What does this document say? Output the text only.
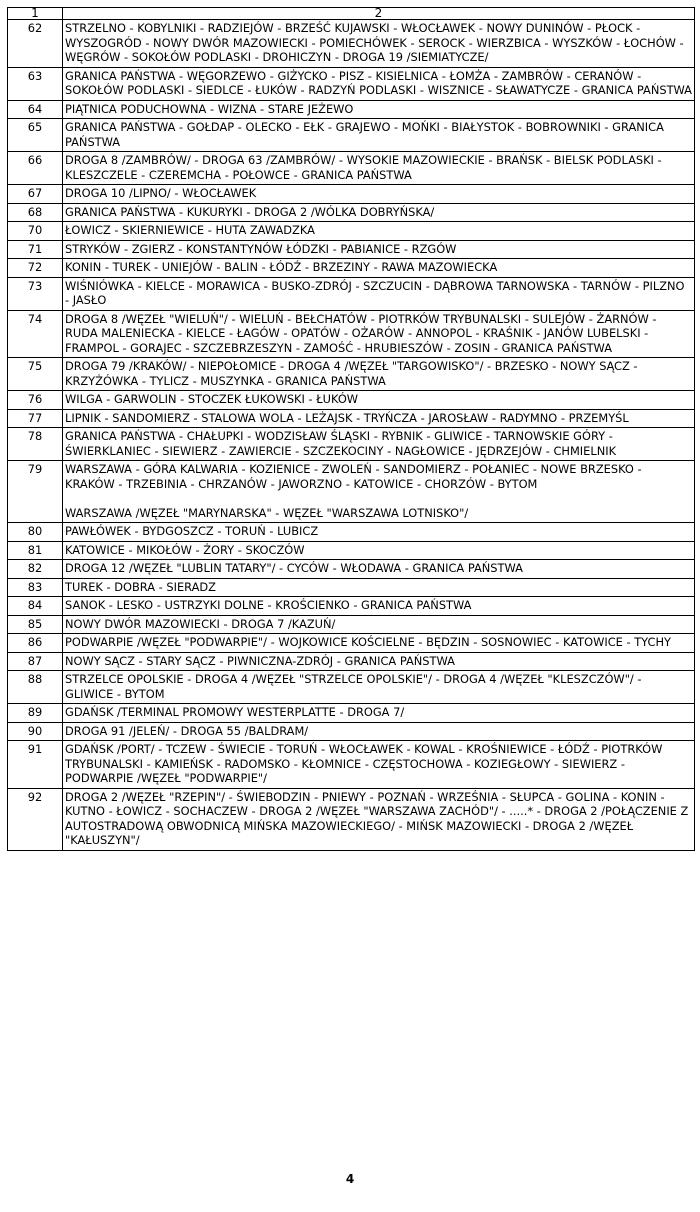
1	2
62	STRZELNO - KOBYLNIKI - RADZIEJÓW - BRZEŚĆ KUJAWSKI - WŁOCŁAWEK - NOWY DUNINÓW - PŁOCK - WYSZOGRÓD - NOWY DWÓR MAZOWIECKI - POMIECHÓWEK - SEROCK - WIERZBICA - WYSZKÓW - ŁOCHÓW - WĘGRÓW - SOKOŁÓW PODLASKI - DROHICZYN - DROGA 19 /SIEMIATYCZE/
63	GRANICA PAŃSTWA - WĘGORZEWO - GIŻYCKO - PISZ - KISIELNICA - ŁOMŻA - ZAMBRÓW - CERANÓW - SOKOŁÓW PODLASKI - SIEDLCE - ŁUKÓW - RADZYŃ PODLASKI - WISZNICE - SŁAWATYCZE - GRANICA PAŃSTWA
64	PIĄTNICA PODUCHOWNA - WIZNA - STARE JEŻEWO
65	GRANICA PAŃSTWA - GOŁDAP - OLECKO - EŁK - GRAJEWO - MOŃKI - BIAŁYSTOK - BOBROWNIKI - GRANICA PAŃSTWA
66	DROGA 8 /ZAMBRÓW/ - DROGA 63 /ZAMBRÓW/ - WYSOKIE MAZOWIECKIE - BRAŃSK - BIELSK PODLASKI - KLESZCZELE - CZEREMCHA - POŁOWCE - GRANICA PAŃSTWA
67	DROGA 10 /LIPNO/ - WŁOCŁAWEK
68	GRANICA PAŃSTWA - KUKURYKI - DROGA 2 /WÓLKA DOBRYŃSKA/
70	ŁOWICZ - SKIERNIEWICE - HUTA ZAWADZKA
71	STRYKÓW - ZGIERZ - KONSTANTYNÓW ŁÓDZKI - PABIANICE - RZGÓW
72	KONIN - TUREK - UNIEJÓW - BALIN - ŁÓDŹ - BRZEZINY - RAWA MAZOWIECKA
73	WIŚNIÓWKA - KIELCE - MORAWICA - BUSKO-ZDRÓJ - SZCZUCIN - DĄBROWA TARNOWSKA - TARNÓW - PILZNO - JASŁO
74	DROGA 8 /WĘZEŁ "WIELUŃ"/ - WIELUŃ - BEŁCHATÓW - PIOTRKÓW TRYBUNALSKI - SULEJÓW - ŻARNÓW - RUDA MALENIECKA - KIELCE - ŁAGÓW - OPATÓW - OŻARÓW - ANNOPOL - KRAŚNIK - JANÓW LUBELSKI - FRAMPOL - GORAJEC - SZCZEBRZESZYN - ZAMOŚĆ - HRUBIESZÓW - ZOSIN - GRANICA PAŃSTWA
75	DROGA 79 /KRAKÓW/ - NIEPOŁOMICE - DROGA 4 /WĘZEŁ "TARGOWISKO"/ - BRZESKO - NOWY SĄCZ - KRZYŻÓWKA - TYLICZ - MUSZYNKA - GRANICA PAŃSTWA
76	WILGA - GARWOLIN - STOCZEK ŁUKOWSKI - ŁUKÓW
77	LIPNIK - SANDOMIERZ - STALOWA WOLA - LEŻAJSK - TRYŃCZA - JAROSŁAW - RADYMNO - PRZEMYŚL
78	GRANICA PAŃSTWA - CHAŁUPKI - WODZISŁAW ŚLĄSKI - RYBNIK - GLIWICE - TARNOWSKIE GÓRY - ŚWIERKLANIEC - SIEWIERZ - ZAWIERCIE - SZCZEKOCINY - NAGŁOWICE - JĘDRZEJÓW - CHMIELNIK
79	WARSZAWA - GÓRA KALWARIA - KOZIENICE - ZWOLEŃ - SANDOMIERZ - POŁANIEC - NOWE BRZESKO - KRAKÓW - TRZEBINIA - CHRZANÓW - JAWORZNO - KATOWICE - CHORZÓW - BYTOM

WARSZAWA /WĘZEŁ "MARYNARSKA" - WĘZEŁ "WARSZAWA LOTNISKO"/
80	PAWŁÓWEK - BYDGOSZCZ - TORUŃ - LUBICZ
81	KATOWICE - MIKOŁÓW - ŻORY - SKOCZÓW
82	DROGA 12 /WĘZEŁ "LUBLIN TATARY"/ - CYCÓW - WŁODAWA - GRANICA PAŃSTWA
83	TUREK - DOBRA - SIERADZ
84	SANOK - LESKO - USTRZYKI DOLNE - KROŚCIENKO - GRANICA PAŃSTWA
85	NOWY DWÓR MAZOWIECKI - DROGA 7 /KAZUŃ/
86	PODWARPIE /WĘZEŁ "PODWARPIE"/ - WOJKOWICE KOŚCIELNE - BĘDZIN - SOSNOWIEC - KATOWICE - TYCHY
87	NOWY SĄCZ - STARY SĄCZ - PIWNICZNA-ZDRÓJ - GRANICA PAŃSTWA
88	STRZELCE OPOLSKIE - DROGA 4 /WĘZEŁ "STRZELCE OPOLSKIE"/ - DROGA 4 /WĘZEŁ "KLESZCZÓW"/ - GLIWICE - BYTOM
89	GDAŃSK /TERMINAL PROMOWY WESTERPLATTE - DROGA 7/
90	DROGA 91 /JELEŃ/ - DROGA 55 /BALDRAM/
91	GDAŃSK /PORT/ - TCZEW - ŚWIECIE - TORUŃ - WŁOCŁAWEK - KOWAL - KROŚNIEWICE - ŁÓDŹ - PIOTRKÓW TRYBUNALSKI - KAMIEŃSK - RADOMSKO - KŁOMNICE - CZĘSTOCHOWA - KOZIEGŁOWY - SIEWIERZ - PODWARPIE /WĘZEŁ "PODWARPIE"/
92	DROGA 2 /WĘZEŁ "RZEPIN"/ - ŚWIEBODZIN - PNIEWY - POZNAŃ - WRZEŚNIA - SŁUPCA - GOLINA - KONIN - KUTNO - ŁOWICZ - SOCHACZEW - DROGA 2 /WĘZEŁ "WARSZAWA ZACHÓD"/ - .....* - DROGA 2 /POŁĄCZENIE Z AUTOSTRADOWĄ OBWODNICĄ MIŃSKA MAZOWIECKIEGO/ - MIŃSK MAZOWIECKI - DROGA 2 /WĘZEŁ "KAŁUSZYN"/
4
